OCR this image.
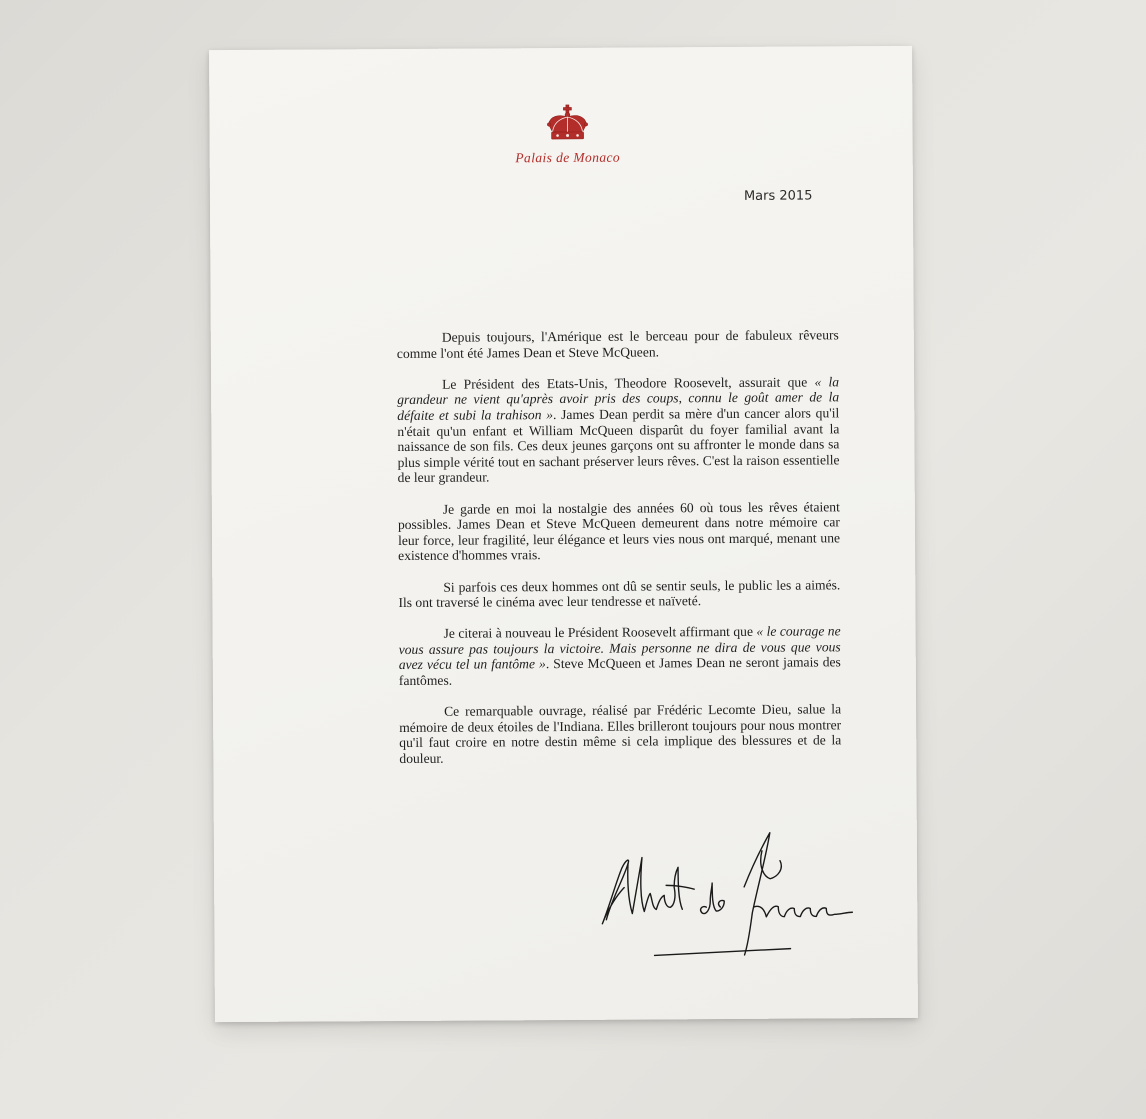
Palais de Monaco
Mars 2015

Depuis toujours, l'Amérique est le berceau pour de fabuleux rêveurs comme l'ont été James Dean et Steve McQueen.

Le Président des Etats-Unis, Theodore Roosevelt, assurait que « la grandeur ne vient qu'après avoir pris des coups, connu le goût amer de la défaite et subi la trahison ». James Dean perdit sa mère d'un cancer alors qu'il n'était qu'un enfant et William McQueen disparût du foyer familial avant la naissance de son fils. Ces deux jeunes garçons ont su affronter le monde dans sa plus simple vérité tout en sachant préserver leurs rêves. C'est la raison essentielle de leur grandeur.

Je garde en moi la nostalgie des années 60 où tous les rêves étaient possibles. James Dean et Steve McQueen demeurent dans notre mémoire car leur force, leur fragilité, leur élégance et leurs vies nous ont marqué, menant une existence d'hommes vrais.

Si parfois ces deux hommes ont dû se sentir seuls, le public les a aimés. Ils ont traversé le cinéma avec leur tendresse et naïveté.

Je citerai à nouveau le Président Roosevelt affirmant que « le courage ne vous assure pas toujours la victoire. Mais personne ne dira de vous que vous avez vécu tel un fantôme ». Steve McQueen et James Dean ne seront jamais des fantômes.

Ce remarquable ouvrage, réalisé par Frédéric Lecomte Dieu, salue la mémoire de deux étoiles de l'Indiana. Elles brilleront toujours pour nous montrer qu'il faut croire en notre destin même si cela implique des blessures et de la douleur.
